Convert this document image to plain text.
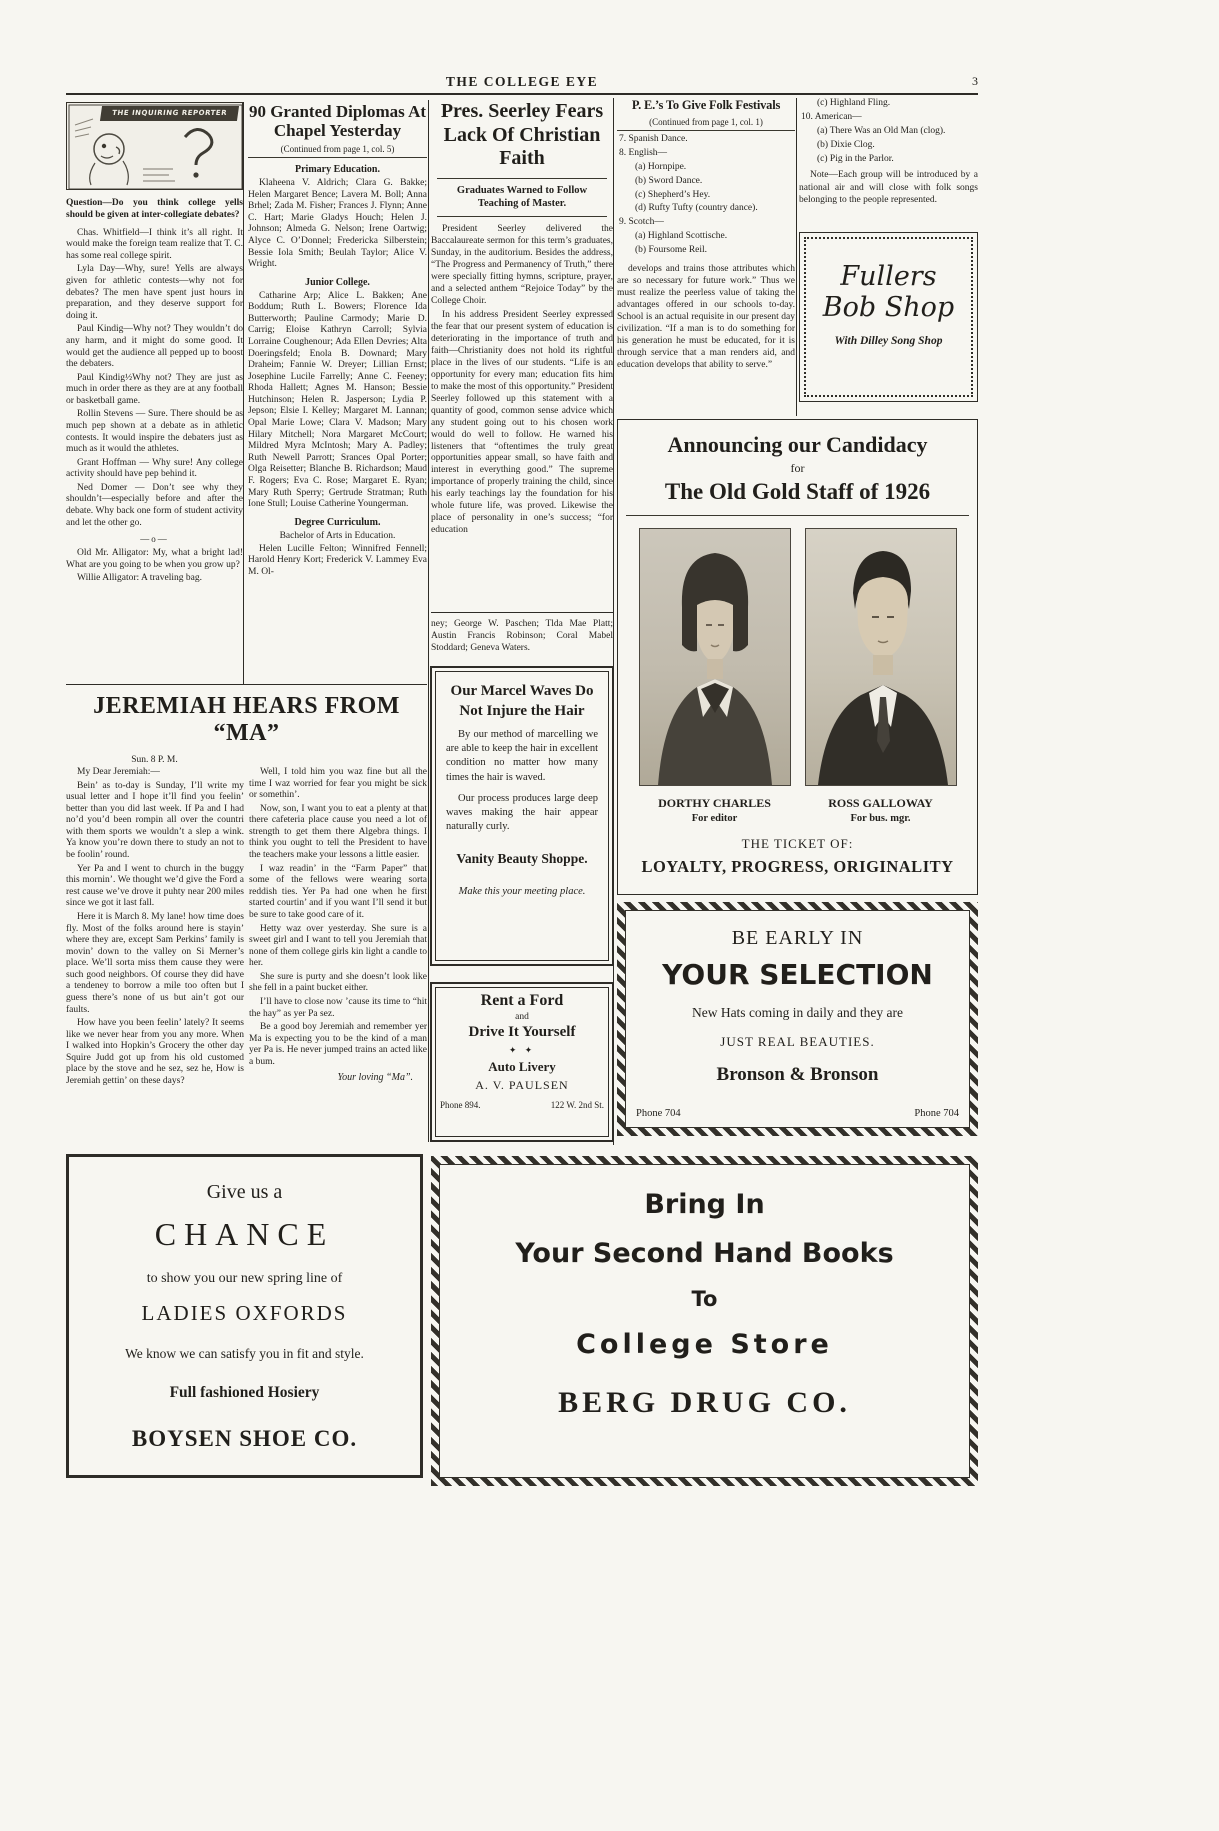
THE COLLEGE EYE	3
THE INQUIRING REPORTER

Question—Do you think college yells should be given at inter-collegiate debates?

Chas. Whitfield—I think it’s all right. It would make the foreign team realize that T. C. has some real college spirit.

Lyla Day—Why, sure! Yells are always given for athletic contests—why not for debates? The men have spent just hours in preparation, and they deserve support for doing it.

Paul Kindig—Why not? They wouldn’t do any harm, and it might do some good. It would get the audience all pepped up to boost the debaters.

Paul Kindig½Why not? They are just as much in order there as they are at any football or basketball game.

Rollin Stevens — Sure. There should be as much pep shown at a debate as in athletic contests. It would inspire the debaters just as much as it would the athletes.

Grant Hoffman — Why sure! Any college activity should have pep behind it.

Ned Domer — Don’t see why they shouldn’t—especially before and after the debate. Why back one form of student activity and let the other go.

—o—

Old Mr. Alligator: My, what a bright lad! What are you going to be when you grow up?

Willie Alligator: A traveling bag.

90 Granted Diplomas At Chapel Yesterday
(Continued from page 1, col. 5)
Primary Education.

Klaheena V. Aldrich; Clara G. Bakke; Helen Margaret Bence; Lavera M. Boll; Anna Brhel; Zada M. Fisher; Frances J. Flynn; Anne C. Hart; Marie Gladys Houch; Helen J. Johnson; Almeda G. Nelson; Irene Oartwig; Alyce C. O’Donnel; Fredericka Silberstein; Bessie Iola Smith; Beulah Taylor; Alice V. Wright.

Junior College.

Catharine Arp; Alice L. Bakken; Ane Boddum; Ruth L. Bowers; Florence Ida Butterworth; Pauline Carmody; Marie D. Carrig; Eloise Kathryn Carroll; Sylvia Lorraine Coughenour; Ada Ellen Devries; Alta Doeringsfeld; Enola B. Downard; Mary Draheim; Fannie W. Dreyer; Lillian Ernst; Josephine Lucile Farrelly; Anne C. Feeney; Rhoda Hallett; Agnes M. Hanson; Bessie Hutchinson; Helen R. Jasperson; Lydia P. Jepson; Elsie I. Kelley; Margaret M. Lannan; Opal Marie Lowe; Clara V. Madson; Mary Hilary Mitchell; Nora Margaret McCourt; Mildred Myra McIntosh; Mary A. Padley; Ruth Newell Parrott; Srances Opal Porter; Olga Reisetter; Blanche B. Richardson; Maud F. Rogers; Eva C. Rose; Margaret E. Ryan; Mary Ruth Sperry; Gertrude Stratman; Ruth Ione Stull; Louise Catherine Youngerman.

Degree Curriculum.
Bachelor of Arts in Education.

Helen Lucille Felton; Winnifred Fennell; Harold Henry Kort; Frederick V. Lammey Eva M. Ol-

Pres. Seerley Fears Lack Of Christian Faith
Graduates Warned to Follow Teaching of Master.

President Seerley delivered the Baccalaureate sermon for this term’s graduates, Sunday, in the auditorium. Besides the address, “The Progress and Permanency of Truth,” there were specially fitting hymns, scripture, prayer, and a selected anthem “Rejoice Today” by the College Choir.

In his address President Seerley expressed the fear that our present system of education is deteriorating in the importance of truth and faith—Christianity does not hold its rightful place in the lives of our students. “Life is an opportunity for every man; education fits him to make the most of this opportunity.” President Seerley followed up this statement with a quantity of good, common sense advice which any student going out to his chosen work would do well to follow. He warned his listeners that “oftentimes the truly great opportunities appear small, so have faith and interest in everything good.” The supreme importance of properly training the child, since his early teachings lay the foundation for his whole future life, was proved. Likewise the place of personality in one’s success; “for education

ney; George W. Paschen; Tlda Mae Platt; Austin Francis Robinson; Coral Mabel Stoddard; Geneva Waters.

Our Marcel Waves Do Not Injure the Hair

By our method of marcelling we are able to keep the hair in excellent condition no matter how many times the hair is waved.

Our process produces large deep waves making the hair appear naturally curly.

Vanity Beauty Shoppe.
Make this your meeting place.
Rent a Ford
and
Drive It Yourself
✦ ✦
Auto Livery
A. V. PAULSEN
Phone 894.	122 W. 2nd St.
P. E.’s To Give Folk Festivals
(Continued from page 1, col. 1)

7. Spanish Dance.

8. English—

(a) Hornpipe.

(b) Sword Dance.

(c) Shepherd’s Hey.

(d) Rufty Tufty (country dance).

9. Scotch—

(a) Highland Scottische.

(b) Foursome Reil.

develops and trains those attributes which are so necessary for future work.” Thus we must realize the peerless value of taking the advantages offered in our schools to-day. School is an actual requisite in our present day civilization. “If a man is to do something for his generation he must be educated, for it is through service that a man renders aid, and education develops that ability to serve.”

(c) Highland Fling.

10. American—

(a) There Was an Old Man (clog).

(b) Dixie Clog.

(c) Pig in the Parlor.

Note—Each group will be introduced by a national air and will close with folk songs belonging to the people represented.

Fullers
Bob Shop
With Dilley Song Shop
Announcing our Candidacy
for
The Old Gold Staff of 1926
DORTHY CHARLES
For editor
ROSS GALLOWAY
For bus. mgr.
THE TICKET OF:
LOYALTY, PROGRESS, ORIGINALITY
BE EARLY IN
YOUR SELECTION
New Hats coming in daily and they are
JUST REAL BEAUTIES.
Bronson & Bronson
Phone 704	Phone 704
JEREMIAH HEARS FROM “MA”
Sun. 8 P. M.

My Dear Jeremiah:—

Bein’ as to-day is Sunday, I’ll write my usual letter and I hope it’ll find you feelin’ better than you did last week. If Pa and I had no’d you’d been rompin all over the countri with them sports we wouldn’t a slep a wink. Ya know you’re down there to study an not to be foolin’ round.

Yer Pa and I went to church in the buggy this mornin’. We thought we’d give the Ford a rest cause we’ve drove it puhty near 200 miles since we got it last fall.

Here it is March 8. My lane! how time does fly. Most of the folks around here is stayin’ where they are, except Sam Perkins’ family is movin’ down to the valley on Si Merner’s place. We’ll sorta miss them cause they were such good neighbors. Of course they did have a tendeney to borrow a mile too often but I guess there’s none of us but ain’t got our faults.

How have you been feelin’ lately? It seems like we never hear from you any more. When I walked into Hopkin’s Grocery the other day Squire Judd got up from his old customed place by the stove and he sez, sez he, How is Jeremiah gettin’ on these days?

Well, I told him you waz fine but all the time I waz worried for fear you might be sick or somethin’.

Now, son, I want you to eat a plenty at that there cafeteria place cause you need a lot of strength to get them there Algebra things. I think you ought to tell the President to have the teachers make your lessons a little easier.

I waz readin’ in the “Farm Paper” that some of the fellows were wearing sorta reddish ties. Yer Pa had one when he first started courtin’ and if you want I’ll send it but be sure to take good care of it.

Hetty waz over yesterday. She sure is a sweet girl and I want to tell you Jeremiah that none of them college girls kin light a candle to her.

She sure is purty and she doesn’t look like she fell in a paint bucket either.

I’ll have to close now ’cause its time to “hit the hay” as yer Pa sez.

Be a good boy Jeremiah and remember yer Ma is expecting you to be the kind of a man yer Pa is. He never jumped trains an acted like a bum.

Your loving “Ma”.
Give us a
CHANCE
to show you our new spring line of
LADIES OXFORDS
We know we can satisfy you in fit and style.
Full fashioned Hosiery
BOYSEN SHOE CO.
Bring In
Your Second Hand Books
To
College Store
BERG DRUG CO.
